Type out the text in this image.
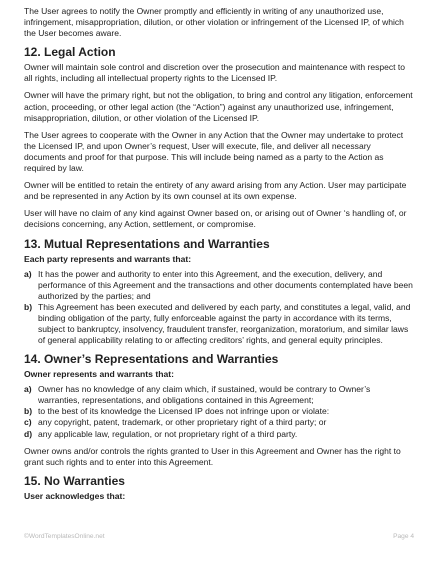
The User agrees to notify the Owner promptly and efficiently in writing of any unauthorized use, infringement, misappropriation, dilution, or other violation or infringement of the Licensed IP, of which the User becomes aware.

12. Legal Action

Owner will maintain sole control and discretion over the prosecution and maintenance with respect to all rights, including all intellectual property rights to the Licensed IP.

Owner will have the primary right, but not the obligation, to bring and control any litigation, enforcement action, proceeding, or other legal action (the “Action”) against any unauthorized use, infringement, misappropriation, dilution, or other violation of the Licensed IP.

The User agrees to cooperate with the Owner in any Action that the Owner may undertake to protect the Licensed IP, and upon Owner’s request, User will execute, file, and deliver all necessary documents and proof for that purpose. This will include being named as a party to the Action as required by law.

Owner will be entitled to retain the entirety of any award arising from any Action. User may participate and be represented in any Action by its own counsel at its own expense.

User will have no claim of any kind against Owner based on, or arising out of Owner ‘s handling of, or decisions concerning, any Action, settlement, or compromise.

13. Mutual Representations and Warranties

Each party represents and warrants that:

a) It has the power and authority to enter into this Agreement, and the execution, delivery, and performance of this Agreement and the transactions and other documents contemplated have been authorized by the parties; and
b) This Agreement has been executed and delivered by each party, and constitutes a legal, valid, and binding obligation of the party, fully enforceable against the party in accordance with its terms, subject to bankruptcy, insolvency, fraudulent transfer, reorganization, moratorium, and similar laws of general applicability relating to or affecting creditors’ rights, and general equity principles.
14. Owner’s Representations and Warranties

Owner represents and warrants that:

a) Owner has no knowledge of any claim which, if sustained, would be contrary to Owner’s warranties, representations, and obligations contained in this Agreement;
b) to the best of its knowledge the Licensed IP does not infringe upon or violate:
c) any copyright, patent, trademark, or other proprietary right of a third party; or
d) any applicable law, regulation, or not proprietary right of a third party.

Owner owns and/or controls the rights granted to User in this Agreement and Owner has the right to grant such rights and to enter into this Agreement.

15. No Warranties

User acknowledges that:

©WordTemplatesOnline.net	Page 4
